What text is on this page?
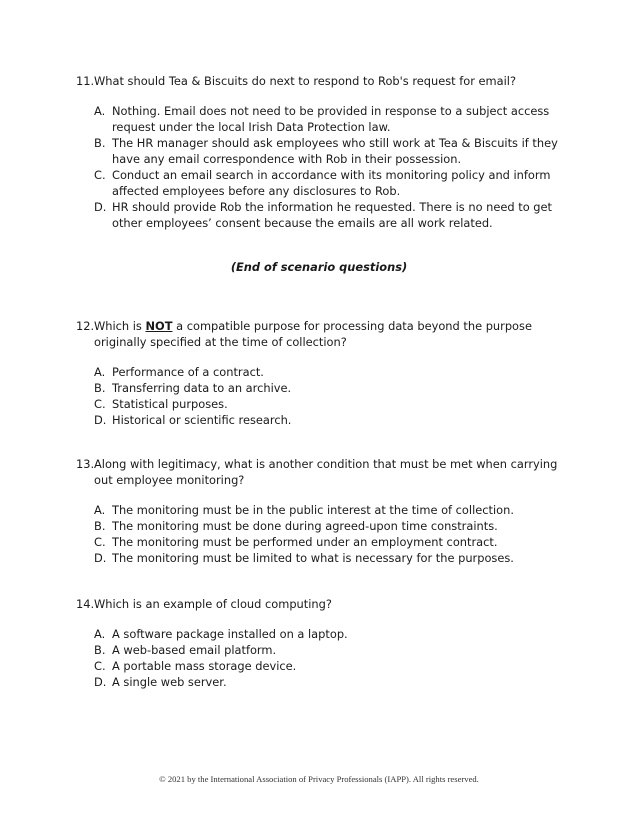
11. What should Tea & Biscuits do next to respond to Rob's request for email?
A. Nothing. Email does not need to be provided in response to a subject access request under the local Irish Data Protection law.
B. The HR manager should ask employees who still work at Tea & Biscuits if they have any email correspondence with Rob in their possession.
C. Conduct an email search in accordance with its monitoring policy and inform affected employees before any disclosures to Rob.
D. HR should provide Rob the information he requested. There is no need to get other employees’ consent because the emails are all work related.
(End of scenario questions)
12. Which is NOT a compatible purpose for processing data beyond the purpose originally specified at the time of collection?
A. Performance of a contract.
B. Transferring data to an archive.
C. Statistical purposes.
D. Historical or scientific research.
13. Along with legitimacy, what is another condition that must be met when carrying out employee monitoring?
A. The monitoring must be in the public interest at the time of collection.
B. The monitoring must be done during agreed-upon time constraints.
C. The monitoring must be performed under an employment contract.
D. The monitoring must be limited to what is necessary for the purposes.
14. Which is an example of cloud computing?
A. A software package installed on a laptop.
B. A web-based email platform.
C. A portable mass storage device.
D. A single web server.
© 2021 by the International Association of Privacy Professionals (IAPP). All rights reserved.
